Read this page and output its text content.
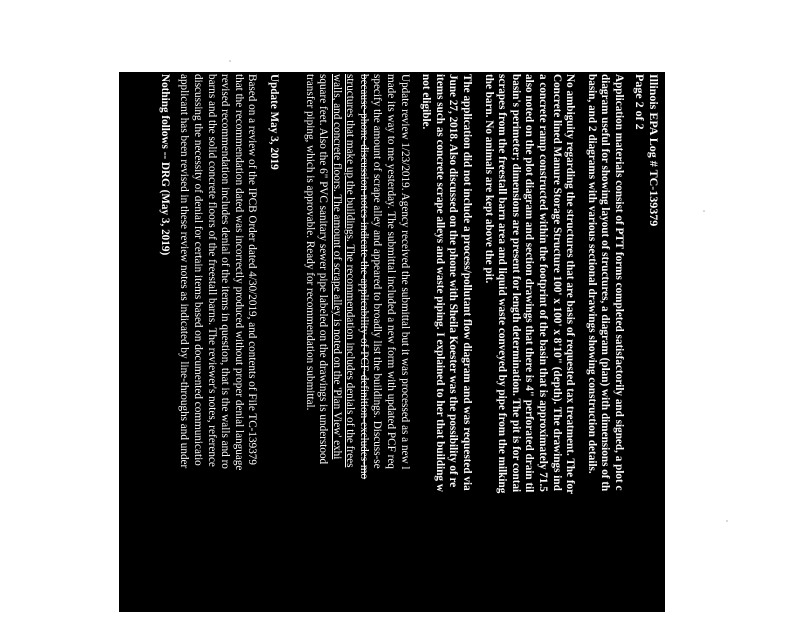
Illinois EPA Log # TC-139379
Page 2 of 2
Application materials consist of PTT forms completed satisfactorily and signed, a plot c
diagram useful for showing layout of structures, a diagram (plan) with dimensions of th
basin, and 2 diagrams with various sectional drawings showing construction details.
No ambiguity regarding the structures that are basis of requested tax treatment. The for
Concrete lined Manure Storage Structure 100' x 100' x 8'10" (depth). The drawings ind
a concrete ramp constructed within the footprint of the basin that is approximately 71.5
also noted on the plot diagram and section drawings that there is 4" perforated drain til
basin's perimeter; dimensions are present for length determination. The pit is for contai
scrapes from the freestall barn area and liquid waste conveyed by pipe from the milking
the barn. No animals are kept above the pit.
The application did not include a process/pollutant flow diagram and was requested via
June 27, 2018. Also discussed on the phone with Sheila Koester was the possibility of re
items such as concrete scrape alleys and waste piping. I explained to her that building w
not eligible.
Update review 1/23/2019. Agency received the submittal but it was processed as a new l
made its way to me yesterday. The submittal included a new form with updated PCF req
specify the amount of scrape alley and appeared to broadly list the buildings. Discuss-se
because-phone-discussion-notes-indicate-the-applicability-of-PCF-definition-excludes-mo
structures that make up the buildings. The recommendation includes denials of the frees
walls, and concrete floors. The amount of scrape alley is noted on the 'Plan View' exhi
square feet. Also the 6" PVC sanitary sewer pipe labeled on the drawings is understood
transfer piping, which is approvable. Ready for recommendation submittal.
Update May 3, 2019
Based on a review of the IPCB Order dated 4/30/2019, and contents of File TC-139379
that the recommendation dated was incorrectly produced without proper denial language
revised recommendation includes denial of the items in question, that is the walls and ro
barns and the solid concrete floors of the freestall barns. The reviewer's notes, reference
discussing the necessity of denial for certain items based on documented communicatio
applicant has been revised in these review notes as indicated by line-throughs and under
Nothing follows -- DRG (May 3, 2019)
